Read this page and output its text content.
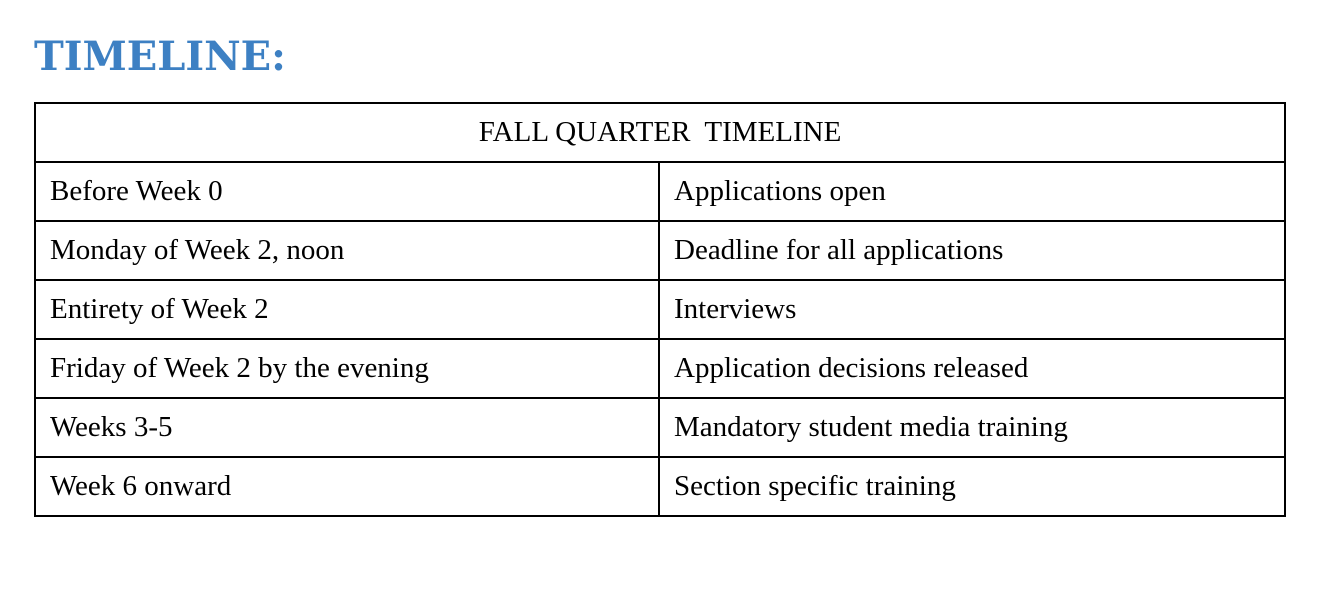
TIMELINE:
FALL QUARTER  TIMELINE	
Before Week 0	Applications open
Monday of Week 2, noon	Deadline for all applications
Entirety of Week 2	Interviews
Friday of Week 2 by the evening	Application decisions released
Weeks 3-5	Mandatory student media training
Week 6 onward	Section specific training
